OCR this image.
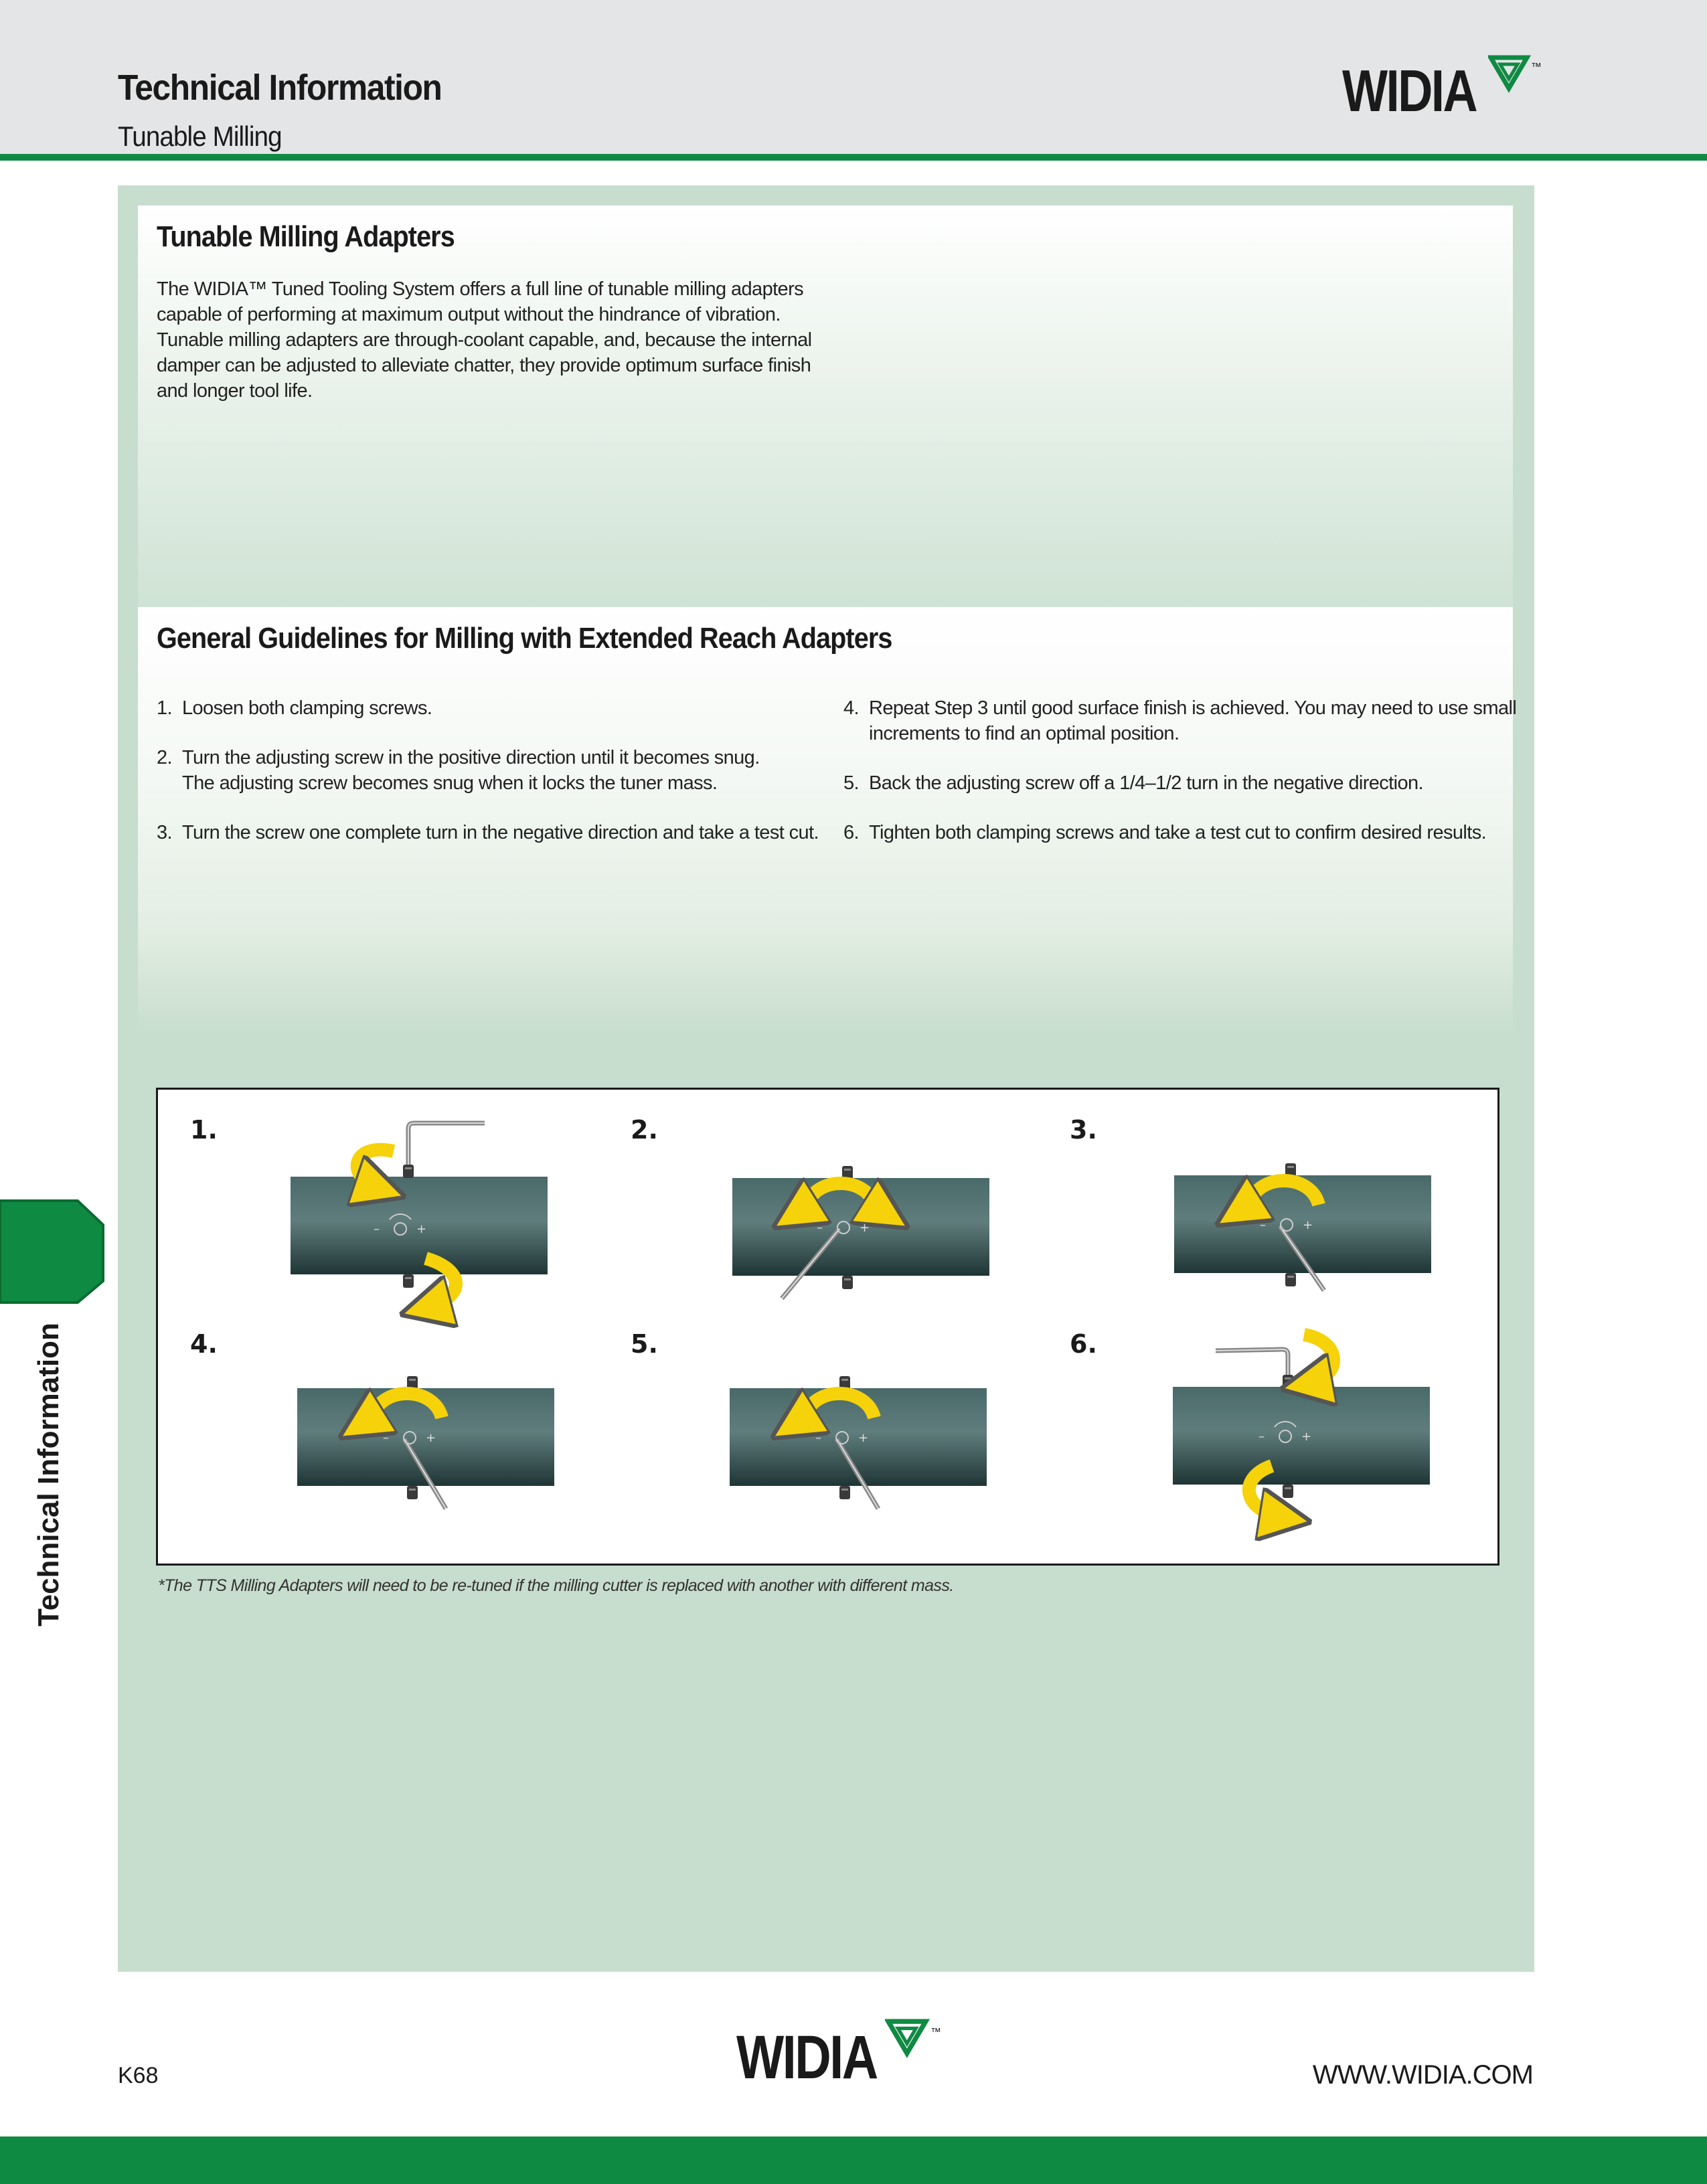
Technical Information
Tunable Milling
WIDIA	™
Tunable Milling Adapters
The WIDIA™ Tuned Tooling System offers a full line of tunable milling adapters
capable of performing at maximum output without the hindrance of vibration.
Tunable milling adapters are through-coolant capable, and, because the internal
damper can be adjusted to alleviate chatter, they provide optimum surface finish
and longer tool life.
General Guidelines for Milling with Extended Reach Adapters
1. Loosen both clamping screws.
2. Turn the adjusting screw in the positive direction until it becomes snug.
The adjusting screw becomes snug when it locks the tuner mass.
3. Turn the screw one complete turn in the negative direction and take a test cut.
4. Repeat Step 3 until good surface finish is achieved. You may need to use small
increments to find an optimal position.
5. Back the adjusting screw off a 1/4–1/2 turn in the negative direction.
6. Tighten both clamping screws and take a test cut to confirm desired results.
1.	2.	3.
4.	5.	6.
–	+	–	+	–	+
–	+	–	+	–	+
*The TTS Milling Adapters will need to be re-tuned if the milling cutter is replaced with another with different mass.
Technical Information
K68	WIDIA	™
WWW.WIDIA.COM
